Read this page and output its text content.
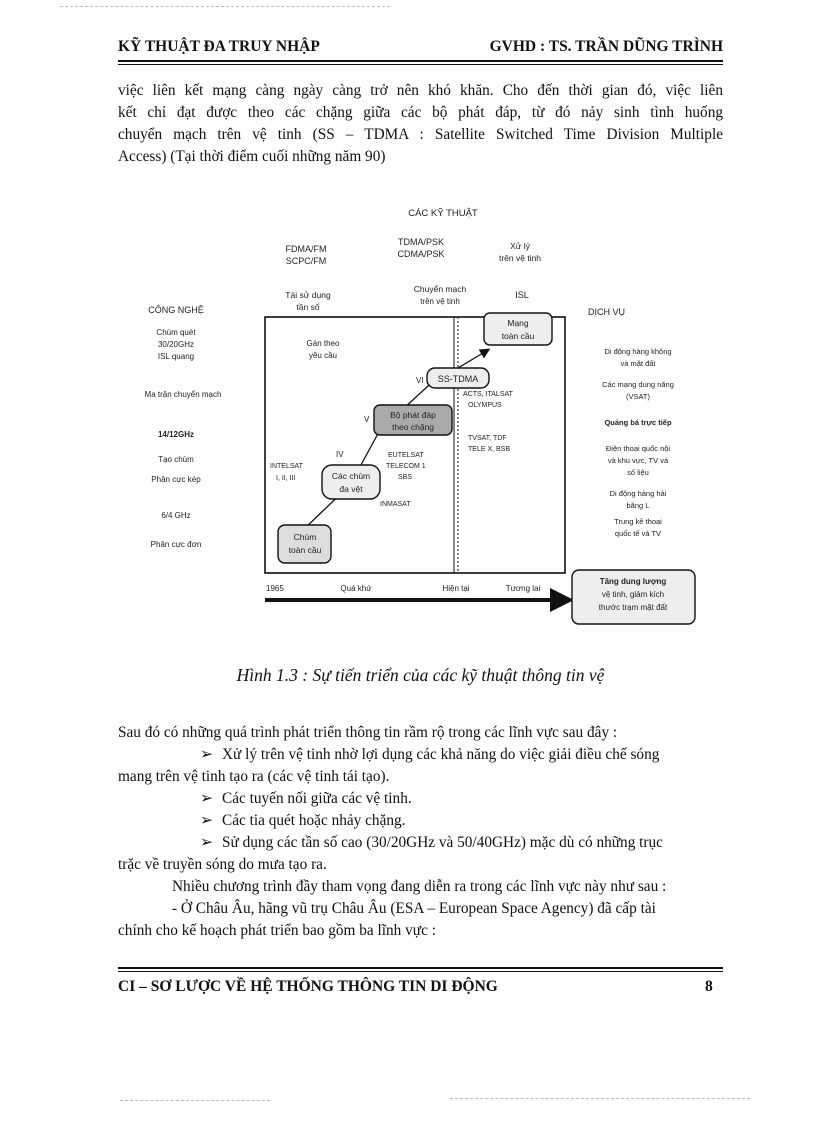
KỸ THUẬT ĐA TRUY NHẬP	GVHD : TS. TRẦN DŨNG TRÌNH

việc liên kết mạng càng ngày càng trở nên khó khăn. Cho đến thời gian đó, việc liên

kết chỉ đạt được theo các chặng giữa các bộ phát đáp, từ đó nảy sinh tình huống

chuyển mạch trên vệ tinh (SS – TDMA : Satellite Switched Time Division Multiple

Access) (Tại thời điểm cuối những năm 90)

CÁC KỸ THUẬT
FDMA/FM
SCPC/FM
TDMA/PSK
CDMA/PSK
Xử lý
trên vệ tinh
Tái sử dụng
tần số
Chuyển mạch
trên vệ tinh
ISL
CÔNG NGHỆ	DỊCH VỤ
Chùm quét
30/20GHz
ISL quang
Ma trận chuyển mạch
14/12GHz
Tạo chùm
Phân cực kép
6/4 GHz
Phân cực đơn
Di động hàng không
và mặt đất
Các mạng dung năng
(VSAT)
Quảng bá trực tiếp
Điện thoại quốc nội
và khu vực, TV và
số liệu
Di động hàng hải
băng L
Trung kế thoại
quốc tế và TV
Gán theo
yêu cầu
Chùm
toàn cầu
Các chùm
đa vệt
Bộ phát đáp
theo chặng
SS-TDMA
Mạng
toàn cầu
IV
V
VI
INTELSAT
I, II, III
EUTELSAT
TELECOM 1
SBS
INMASAT
ACTS, ITALSAT
OLYMPUS
TVSAT, TDF
TELE X, BSB
1965	Quá khứ	Hiện tại	Tương lai
Tăng dung lượng
vệ tinh, giảm kích
thước trạm mặt đất
Hình 1.3 : Sự tiến triển của các kỹ thuật thông tin vệ

Sau đó có những quá trình phát triển thông tin rầm rộ trong các lĩnh vực sau đây :

➢ Xử lý trên vệ tinh nhờ lợi dụng các khả năng do việc giải điều chế sóng

mang trên vệ tinh tạo ra (các vệ tinh tái tạo).

➢ Các tuyến nối giữa các vệ tinh.

➢ Các tia quét hoặc nhảy chặng.

➢ Sử dụng các tần số cao (30/20GHz và 50/40GHz) mặc dù có những trục

trặc về truyền sóng do mưa tạo ra.

Nhiều chương trình đầy tham vọng đang diễn ra trong các lĩnh vực này như sau :

- Ở Châu Âu, hãng vũ trụ Châu Âu (ESA – European Space Agency) đã cấp tài

chính cho kế hoạch phát triển bao gồm ba lĩnh vực :

CI – SƠ LƯỢC VỀ HỆ THỐNG THÔNG TIN DI ĐỘNG	8
